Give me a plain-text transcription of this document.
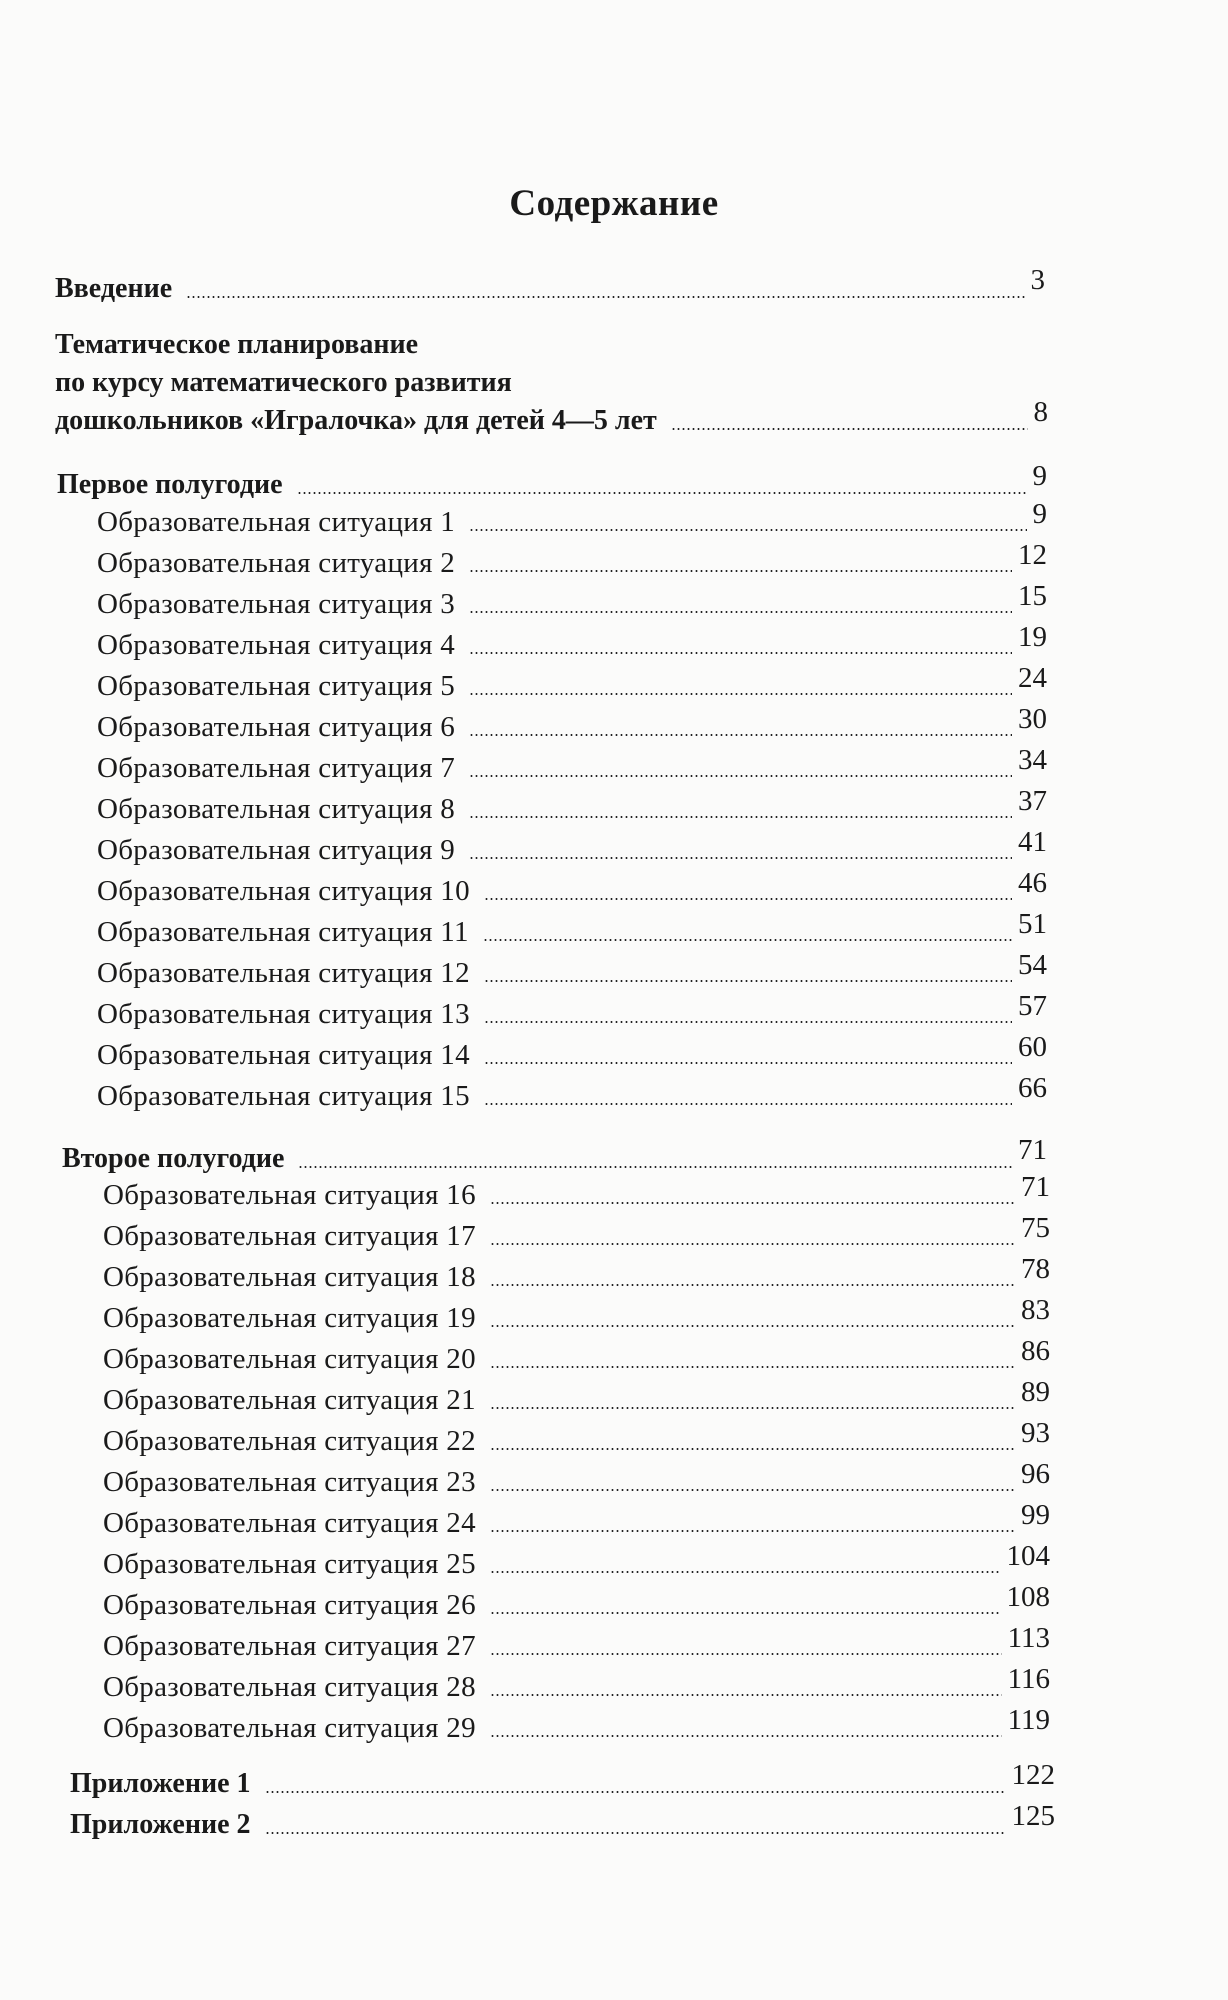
Содержание
Введение	3
Тематическое планирование
по курсу математического развития
дошкольников «Игралочка» для детей 4—5 лет	8
Первое полугодие	9
Образовательная ситуация 1	9
Образовательная ситуация 2	12
Образовательная ситуация 3	15
Образовательная ситуация 4	19
Образовательная ситуация 5	24
Образовательная ситуация 6	30
Образовательная ситуация 7	34
Образовательная ситуация 8	37
Образовательная ситуация 9	41
Образовательная ситуация 10	46
Образовательная ситуация 11	51
Образовательная ситуация 12	54
Образовательная ситуация 13	57
Образовательная ситуация 14	60
Образовательная ситуация 15	66
Второе полугодие	71
Образовательная ситуация 16	71
Образовательная ситуация 17	75
Образовательная ситуация 18	78
Образовательная ситуация 19	83
Образовательная ситуация 20	86
Образовательная ситуация 21	89
Образовательная ситуация 22	93
Образовательная ситуация 23	96
Образовательная ситуация 24	99
Образовательная ситуация 25	104
Образовательная ситуация 26	108
Образовательная ситуация 27	113
Образовательная ситуация 28	116
Образовательная ситуация 29	119
Приложение 1	122
Приложение 2	125
